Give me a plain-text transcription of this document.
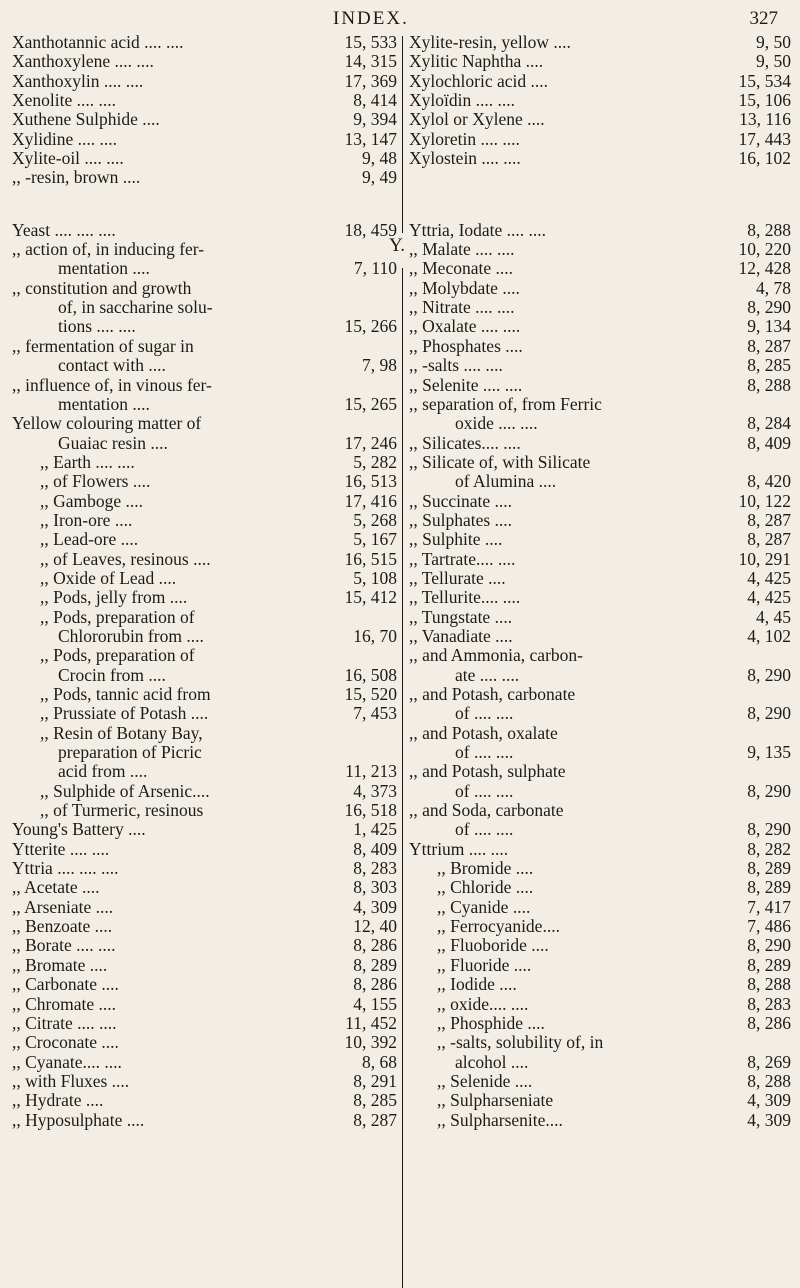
INDEX.	327
Xanthotannic acid .... ....	15, 533
Xanthoxylene .... ....	14, 315
Xanthoxylin .... ....	17, 369
Xenolite .... ....	8, 414
Xuthene Sulphide ....	9, 394
Xylidine .... ....	13, 147
Xylite-oil .... ....	9, 48
,, -resin, brown ....	9, 49
Yeast .... .... ....	18, 459
,, action of, in inducing fer-
mentation ....	7, 110
,, constitution and growth
of, in saccharine solu-
tions .... ....	15, 266
,, fermentation of sugar in
contact with ....	7, 98
,, influence of, in vinous fer-
mentation ....	15, 265
Yellow colouring matter of
Guaiac resin ....	17, 246
,, Earth .... ....	5, 282
,, of Flowers ....	16, 513
,, Gamboge ....	17, 416
,, Iron-ore ....	5, 268
,, Lead-ore ....	5, 167
,, of Leaves, resinous ....	16, 515
,, Oxide of Lead ....	5, 108
,, Pods, jelly from ....	15, 412
,, Pods, preparation of
Chlororubin from ....	16, 70
,, Pods, preparation of
Crocin from ....	16, 508
,, Pods, tannic acid from	15, 520
,, Prussiate of Potash ....	7, 453
,, Resin of Botany Bay,
preparation of Picric
acid from ....	11, 213
,, Sulphide of Arsenic....	4, 373
,, of Turmeric, resinous	16, 518
Young's Battery ....	1, 425
Ytterite .... ....	8, 409
Yttria .... .... ....	8, 283
,, Acetate ....	8, 303
,, Arseniate ....	4, 309
,, Benzoate ....	12, 40
,, Borate .... ....	8, 286
,, Bromate ....	8, 289
,, Carbonate ....	8, 286
,, Chromate ....	4, 155
,, Citrate .... ....	11, 452
,, Croconate ....	10, 392
,, Cyanate.... ....	8, 68
,, with Fluxes ....	8, 291
,, Hydrate ....	8, 285
,, Hyposulphate ....	8, 287
Xylite-resin, yellow ....	9, 50
Xylitic Naphtha ....	9, 50
Xylochloric acid ....	15, 534
Xyloïdin .... ....	15, 106
Xylol or Xylene ....	13, 116
Xyloretin .... ....	17, 443
Xylostein .... ....	16, 102
Yttria, Iodate .... ....	8, 288
,, Malate .... ....	10, 220
,, Meconate ....	12, 428
,, Molybdate ....	4, 78
,, Nitrate .... ....	8, 290
,, Oxalate .... ....	9, 134
,, Phosphates ....	8, 287
,, -salts .... ....	8, 285
,, Selenite .... ....	8, 288
,, separation of, from Ferric
oxide .... ....	8, 284
,, Silicates.... ....	8, 409
,, Silicate of, with Silicate
of Alumina ....	8, 420
,, Succinate ....	10, 122
,, Sulphates ....	8, 287
,, Sulphite ....	8, 287
,, Tartrate.... ....	10, 291
,, Tellurate ....	4, 425
,, Tellurite.... ....	4, 425
,, Tungstate ....	4, 45
,, Vanadiate ....	4, 102
,, and Ammonia, carbon-
ate .... ....	8, 290
,, and Potash, carbonate
of .... ....	8, 290
,, and Potash, oxalate
of .... ....	9, 135
,, and Potash, sulphate
of .... ....	8, 290
,, and Soda, carbonate
of .... ....	8, 290
Yttrium .... ....	8, 282
,, Bromide ....	8, 289
,, Chloride ....	8, 289
,, Cyanide ....	7, 417
,, Ferrocyanide....	7, 486
,, Fluoboride ....	8, 290
,, Fluoride ....	8, 289
,, Iodide ....	8, 288
,, oxide.... ....	8, 283
,, Phosphide ....	8, 286
,, -salts, solubility of, in
alcohol ....	8, 269
,, Selenide ....	8, 288
,, Sulpharseniate	4, 309
,, Sulpharsenite....	4, 309
Y.
